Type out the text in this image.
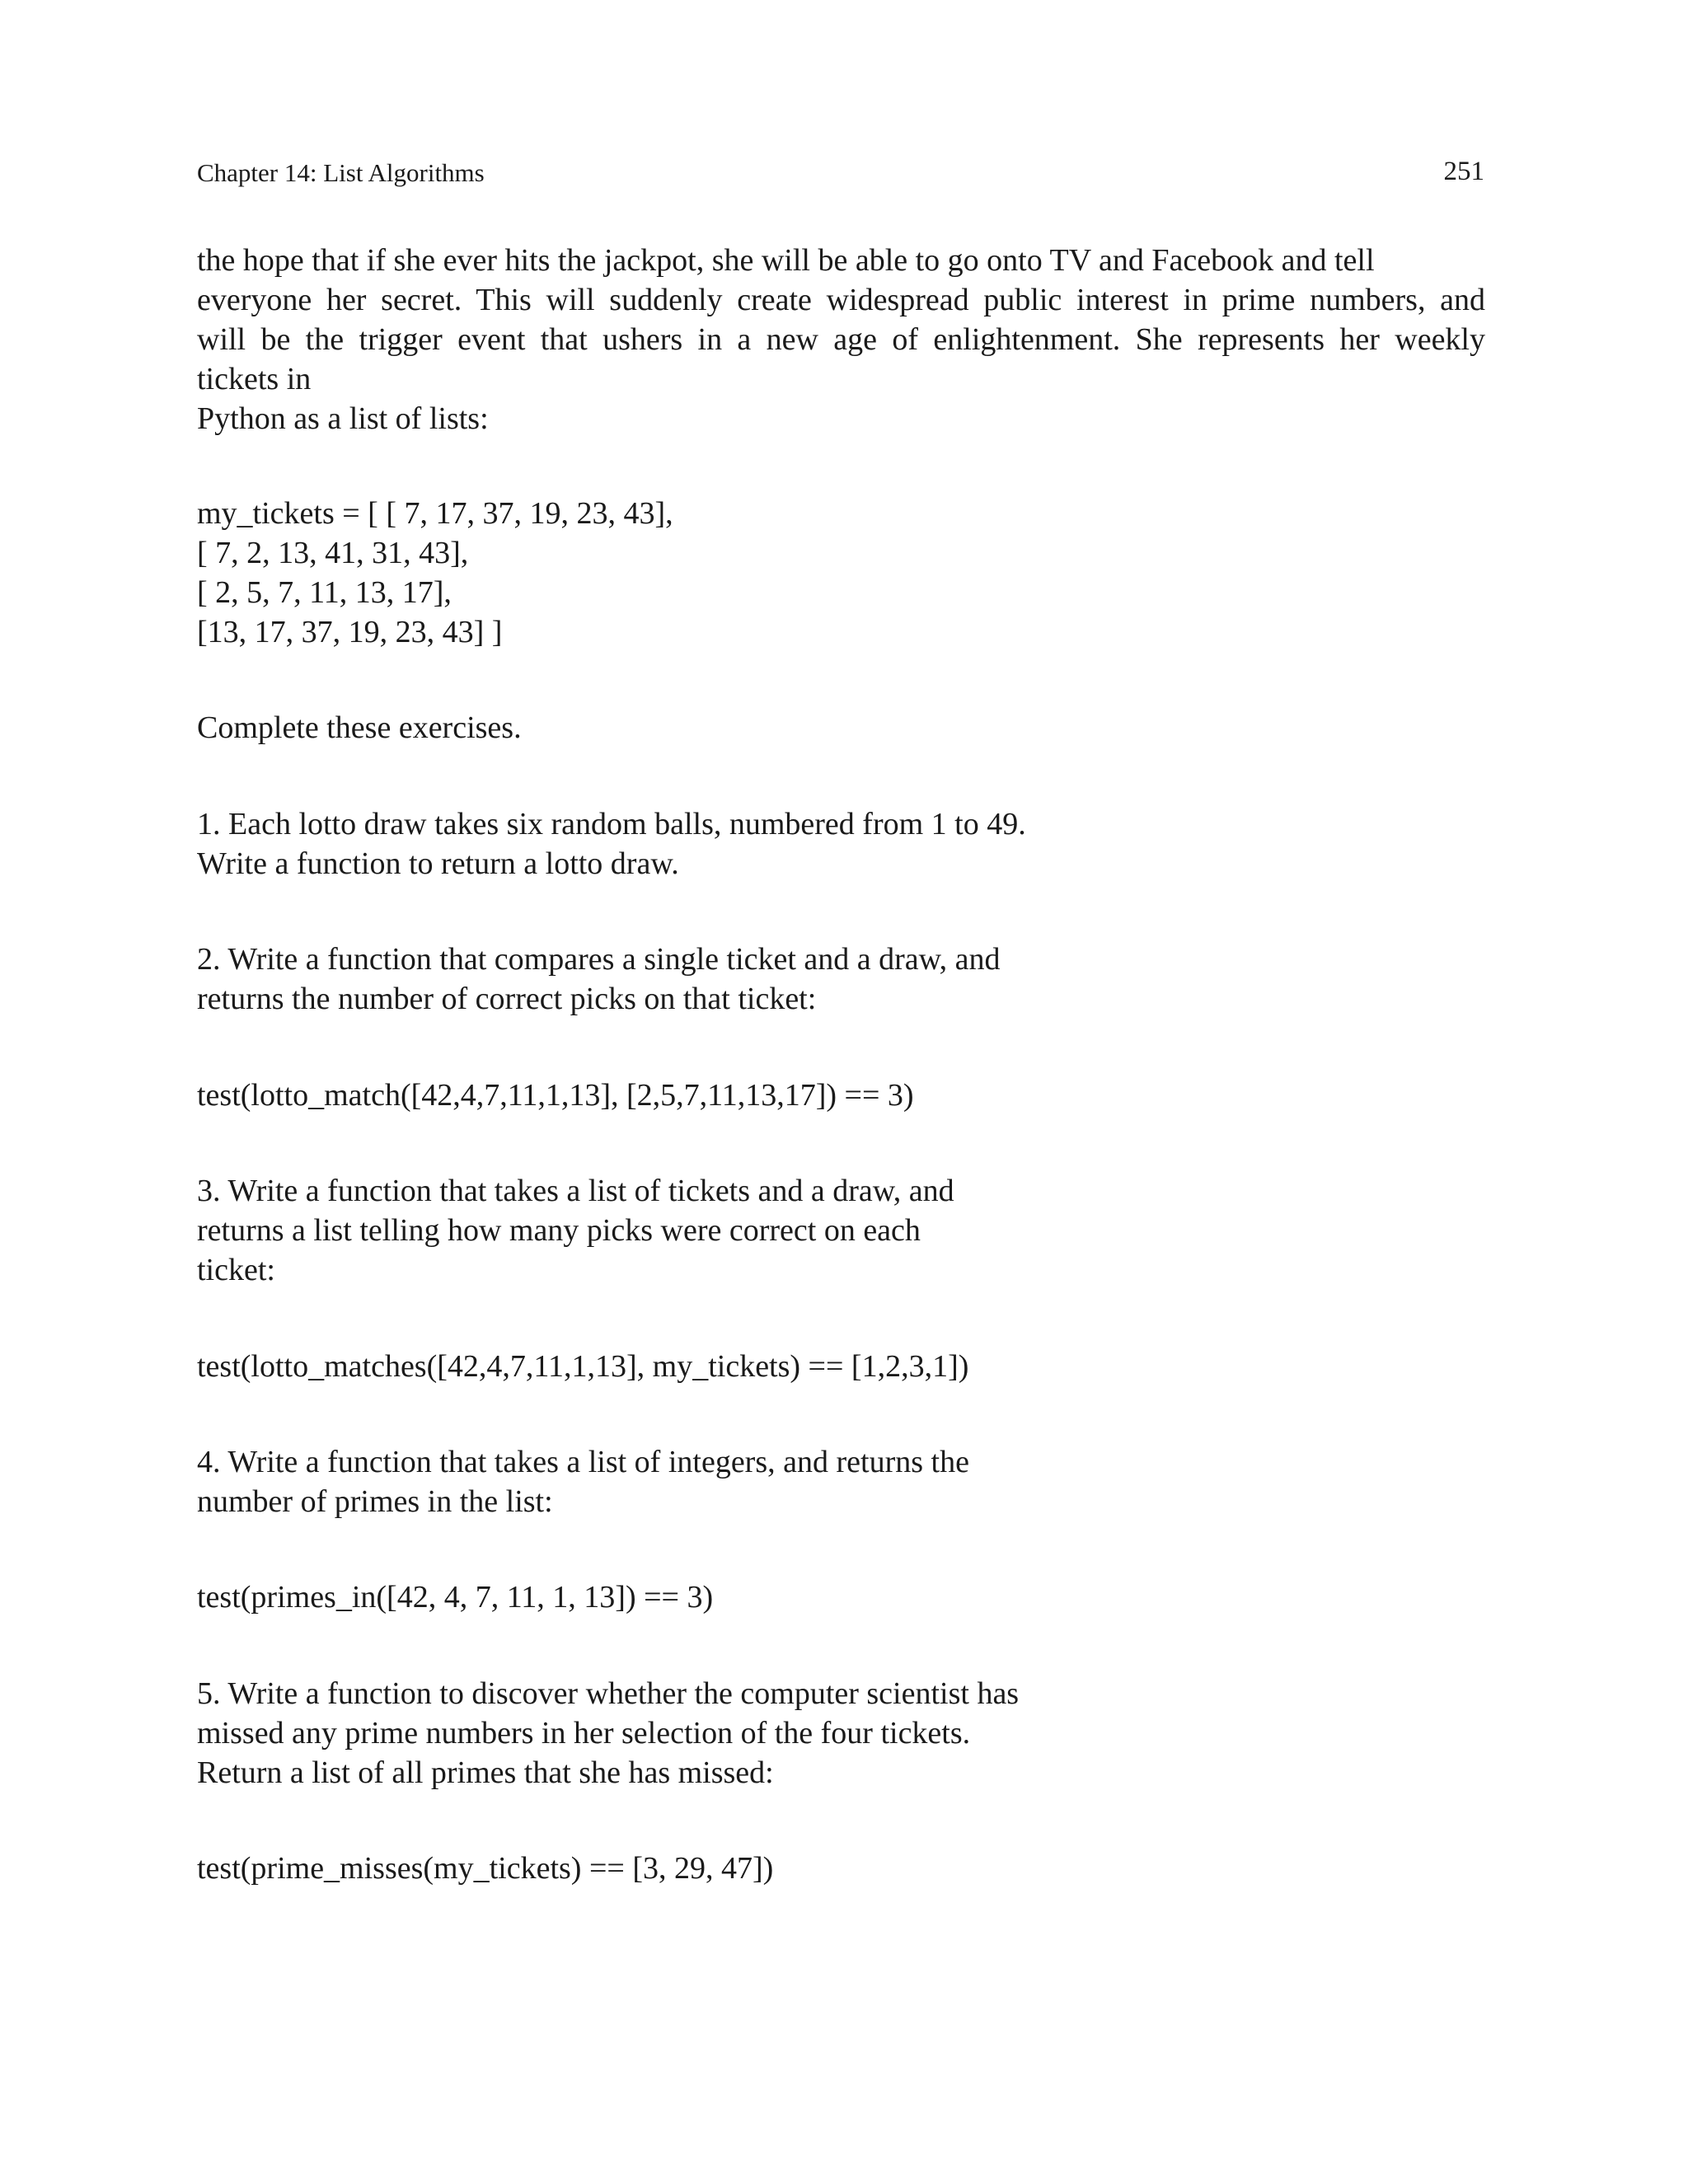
Chapter 14: List Algorithms	251
the hope that if she ever hits the jackpot, she will be able to go onto TV and Facebook and tell
everyone her secret. This will suddenly create widespread public interest in prime numbers, and
will be the trigger event that ushers in a new age of enlightenment. She represents her weekly
tickets in
Python as a list of lists:
my_tickets = [ [ 7, 17, 37, 19, 23, 43],
[ 7, 2, 13, 41, 31, 43],
[ 2, 5, 7, 11, 13, 17],
[13, 17, 37, 19, 23, 43] ]
Complete these exercises.
1. Each lotto draw takes six random balls, numbered from 1 to 49.
Write a function to return a lotto draw.
2. Write a function that compares a single ticket and a draw, and
returns the number of correct picks on that ticket:
test(lotto_match([42,4,7,11,1,13], [2,5,7,11,13,17]) == 3)
3. Write a function that takes a list of tickets and a draw, and
returns a list telling how many picks were correct on each
ticket:
test(lotto_matches([42,4,7,11,1,13], my_tickets) == [1,2,3,1])
4. Write a function that takes a list of integers, and returns the
number of primes in the list:
test(primes_in([42, 4, 7, 11, 1, 13]) == 3)
5. Write a function to discover whether the computer scientist has
missed any prime numbers in her selection of the four tickets.
Return a list of all primes that she has missed:
test(prime_misses(my_tickets) == [3, 29, 47])
